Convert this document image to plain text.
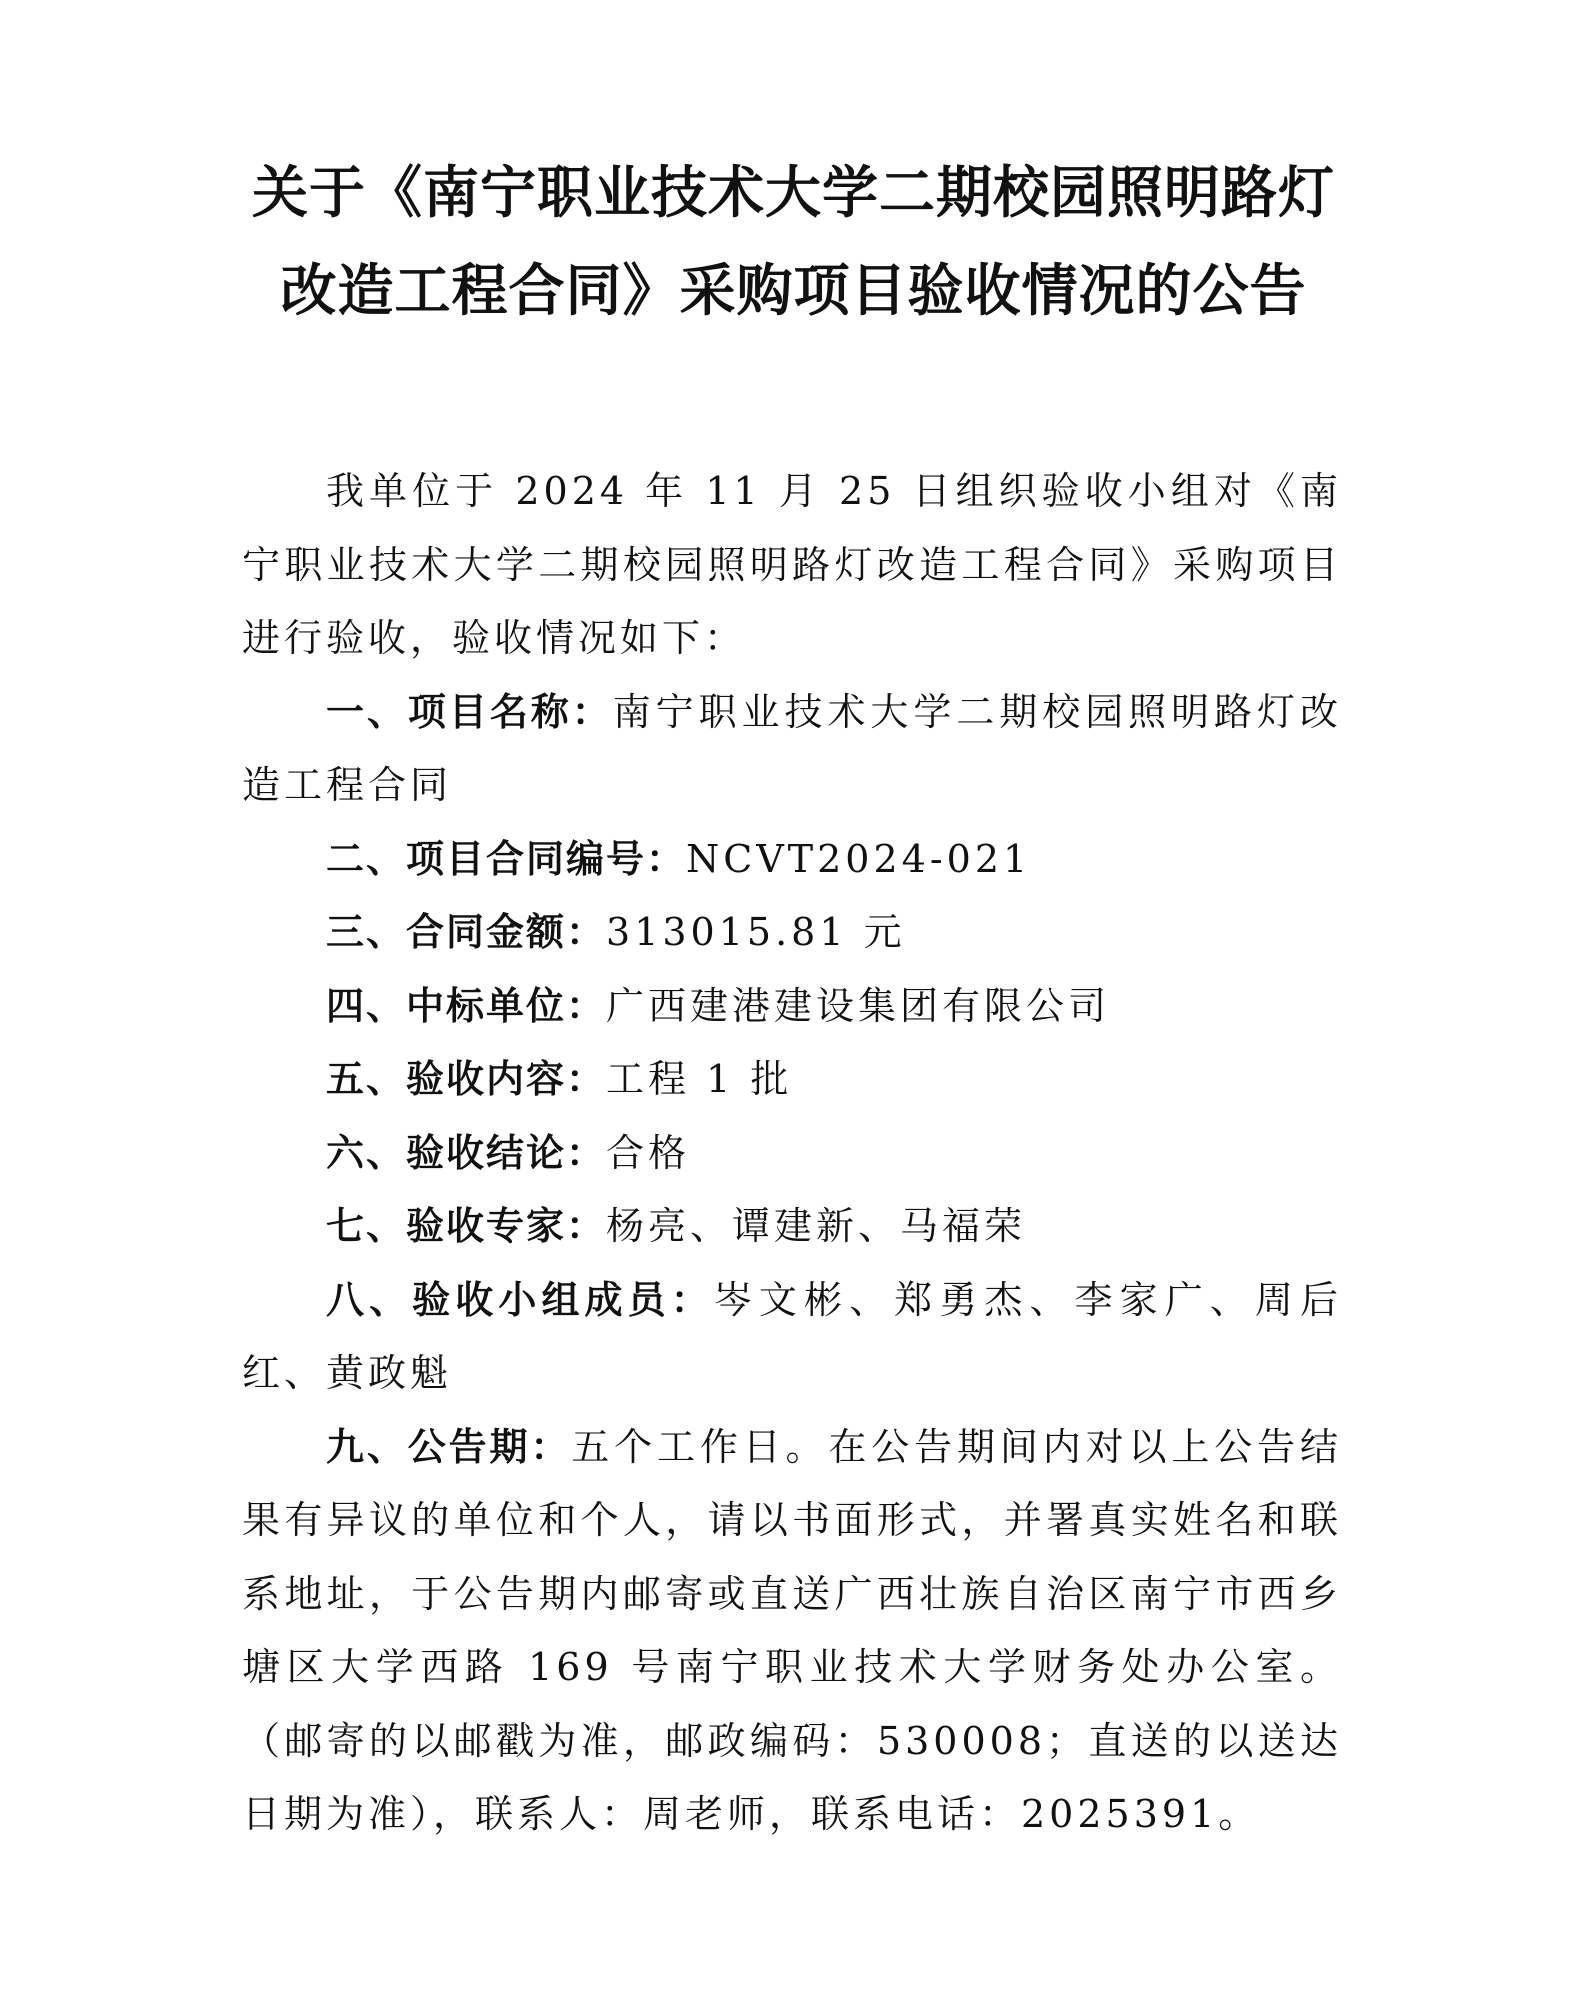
关于《南宁职业技术大学二期校园照明路灯
改造工程合同》采购项目验收情况的公告

我单位于 2024 年 11 月 25 日组织验收小组对《南宁职业技术大学二期校园照明路灯改造工程合同》采购项目进行验收，验收情况如下：

一、项目名称：南宁职业技术大学二期校园照明路灯改造工程合同

二、项目合同编号：NCVT2024-021

三、合同金额：313015.81 元

四、中标单位：广西建港建设集团有限公司

五、验收内容：工程 1 批

六、验收结论：合格

七、验收专家：杨亮、谭建新、马福荣

八、验收小组成员：岑文彬、郑勇杰、李家广、周后红、黄政魁

九、公告期：五个工作日。在公告期间内对以上公告结果有异议的单位和个人，请以书面形式，并署真实姓名和联系地址，于公告期内邮寄或直送广西壮族自治区南宁市西乡塘区大学西路 169 号南宁职业技术大学财务处办公室。（邮寄的以邮戳为准，邮政编码：530008；直送的以送达日期为准），联系人：周老师，联系电话：2025391。
